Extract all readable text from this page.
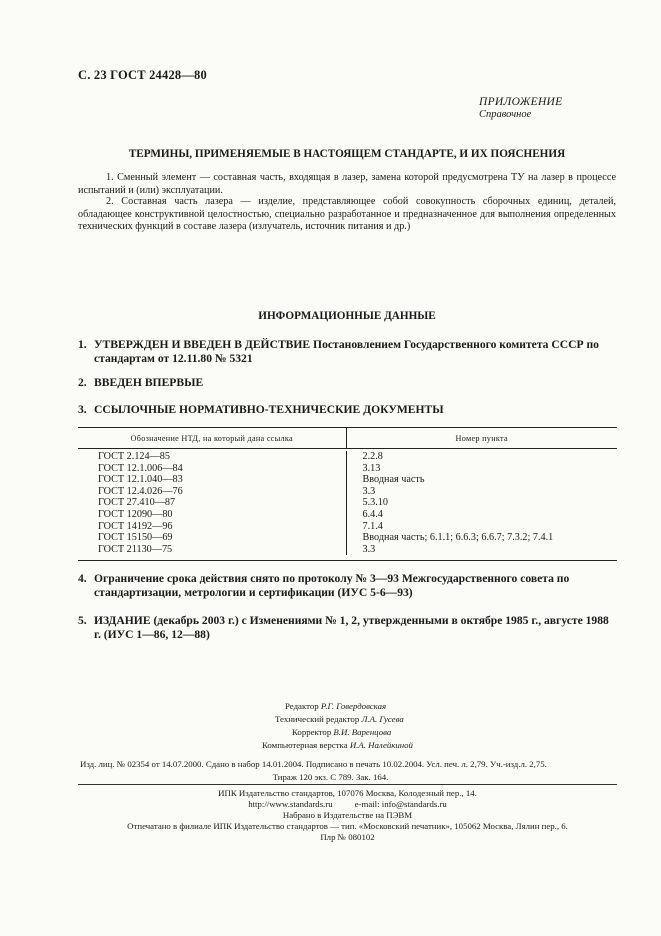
С. 23 ГОСТ 24428—80
ПРИЛОЖЕНИЕ
Справочное
ТЕРМИНЫ, ПРИМЕНЯЕМЫЕ В НАСТОЯЩЕМ СТАНДАРТЕ, И ИХ ПОЯСНЕНИЯ
1. Сменный элемент — составная часть, входящая в лазер, замена которой предусмотрена ТУ на лазер в процессе испытаний и (или) эксплуатации.
2. Составная часть лазера — изделие, представляющее собой совокупность сборочных единиц, деталей, обладающее конструктивной целостностью, специально разработанное и предназначенное для выполнения определенных технических функций в составе лазера (излучатель, источник питания и др.)
ИНФОРМАЦИОННЫЕ ДАННЫЕ
1. УТВЕРЖДЕН И ВВЕДЕН В ДЕЙСТВИЕ Постановлением Государственного комитета СССР по стандартам от 12.11.80 № 5321
2. ВВЕДЕН ВПЕРВЫЕ
3. ССЫЛОЧНЫЕ НОРМАТИВНО-ТЕХНИЧЕСКИЕ ДОКУМЕНТЫ
Обозначение НТД, на который дана ссылка	Номер пункта
ГОСТ 2.124—85
ГОСТ 12.1.006—84
ГОСТ 12.1.040—83
ГОСТ 12.4.026—76
ГОСТ 27.410—87
ГОСТ 12090—80
ГОСТ 14192—96
ГОСТ 15150—69
ГОСТ 21130—75
2.2.8
3.13
Вводная часть
3.3
5.3.10
6.4.4
7.1.4
Вводная часть; 6.1.1; 6.6.3; 6.6.7; 7.3.2; 7.4.1
3.3
4. Ограничение срока действия снято по протоколу № 3—93 Межгосударственного совета по стандартизации, метрологии и сертификации (ИУС 5-6—93)
5. ИЗДАНИЕ (декабрь 2003 г.) с Изменениями № 1, 2, утвержденными в октябре 1985 г., августе 1988 г. (ИУС 1—86, 12—88)
Редактор Р.Г. Говердовская
Технический редактор Л.А. Гусева
Корректор В.И. Варенцова
Компьютерная верстка И.А. Налейкиной
Изд. лиц. № 02354 от 14.07.2000. Сдано в набор 14.01.2004. Подписано в печать 10.02.2004. Усл. печ. л. 2,79. Уч.-изд.л. 2,75.
Тираж 120 экз. С 789. Зак. 164.
ИПК Издательство стандартов, 107076 Москва, Колодезный пер., 14.
http://www.standards.ru	e-mail: info@standards.ru
Набрано в Издательстве на ПЭВМ
Отпечатано в филиале ИПК Издательство стандартов — тип. «Московский печатник», 105062 Москва, Лялин пер., 6.
Плр № 080102
